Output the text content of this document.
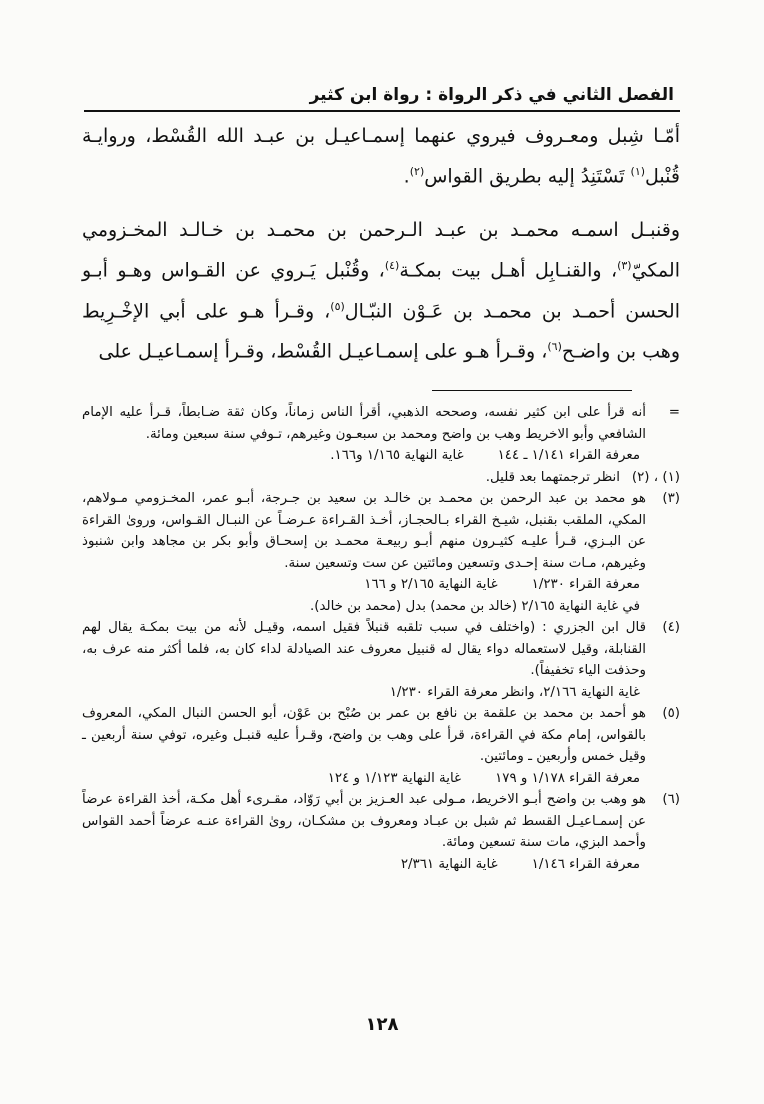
الفصل الثاني في ذكر الرواة : رواة ابن كثير

أمّـا شِبل ومعـروف فيروي عنهما إسمـاعيـل بن عبـد الله القُسْط، وروايـة قُنْبل$^{(١)}$ تَسْتَنِدُ إليه بطريق القواس$^{(٢)}$.

وقنبـل اسمـه محمـد بن عبـد الـرحمن بن محمـد بن خـالـد المخـزومي المكيّ$^{(٣)}$، والقنـابِل أهـل بيت بمكـة$^{(٤)}$، وقُنْبل يَـروي عن القـواس وهـو أبـو الحسن أحمـد بن محمـد بن عَـوْن النبّـال$^{(٥)}$، وقـرأ هـو على أبي الإخْـرِيط وهب بن واضـح$^{(٦)}$، وقـرأ هـو على إسمـاعيـل القُسْط، وقـرأ إسمـاعيـل على

=
أنه قرأ على ابن كثير نفسه، وصححه الذهبي، أقرأ الناس زماناً، وكان ثقة ضـابطاً، قـرأ عليه الإمام الشافعي وأبو الاخريط وهب بن واضح ومحمد بن سبعـون وغيرهم، تـوفي سنة سبعين ومائة.
معرفة القراء ١/١٤١ ـ ١٤٤غاية النهاية ١/١٦٥ و١٦٦.
(١) ، (٢)
انظر ترجمتهما بعد قليل.
(٣)
هو محمد بن عبد الرحمن بن محمـد بن خالـد بن سعيد بن جـرجة، أبـو عمر، المخـزومي مـولاهم، المكي، الملقب بقنبل، شيـخ القراء بـالحجـاز، أخـذ القـراءة عـرضـاً عن النبـال القـواس، وروىٰ القراءة عن البـزي، قـرأ عليـه كثيـرون منهم أبـو ربيعـة محمـد بن إسحـاق وأبو بكر بن مجاهد وابن شنبوذ وغيرهم، مـات سنة إحـدى وتسعين ومائتين عن ست وتسعين سنة.
معرفة القراء ١/٢٣٠غاية النهاية ٢/١٦٥ و ١٦٦
في غاية النهاية ٢/١٦٥ (خالد بن محمد) بدل (محمد بن خالد).
(٤)
قال ابن الجزري : (واختلف في سبب تلقبه قنبلاً فقيل اسمه، وقيـل لأنه من بيت بمكـة يقال لهم القنابلة، وقيل لاستعماله دواء يقال له قنبيل معروف عند الصيادلة لداء كان به، فلما أكثر منه عرف به، وحذفت الياء تخفيفاً).
غاية النهاية ٢/١٦٦، وانظر معرفة القراء ١/٢٣٠
(٥)
هو أحمد بن محمد بن علقمة بن نافع بن عمر بن صُبْح بن عَوْن، أبو الحسن النبال المكي، المعروف بالقواس، إمام مكة في القراءة، قرأ على وهب بن واضح، وقـرأ عليه قنبـل وغيره، توفي سنة أربعين ـ وقيل خمس وأربعين ـ ومائتين.
معرفة القراء ١/١٧٨ و ١٧٩غاية النهاية ١/١٢٣ و ١٢٤
(٦)
هو وهب بن واضح أبـو الاخريط، مـولى عبد العـزيز بن أبي رَوّاد، مقـرىء أهل مكـة، أخذ القراءة عرضاً عن إسمـاعيـل القسط ثم شبل بن عبـاد ومعروف بن مشكـان، روىٰ القراءة عنـه عرضاً أحمد القواس وأحمد البزي، مات سنة تسعين ومائة.
معرفة القراء ١/١٤٦غاية النهاية ٢/٣٦١
١٢٨
